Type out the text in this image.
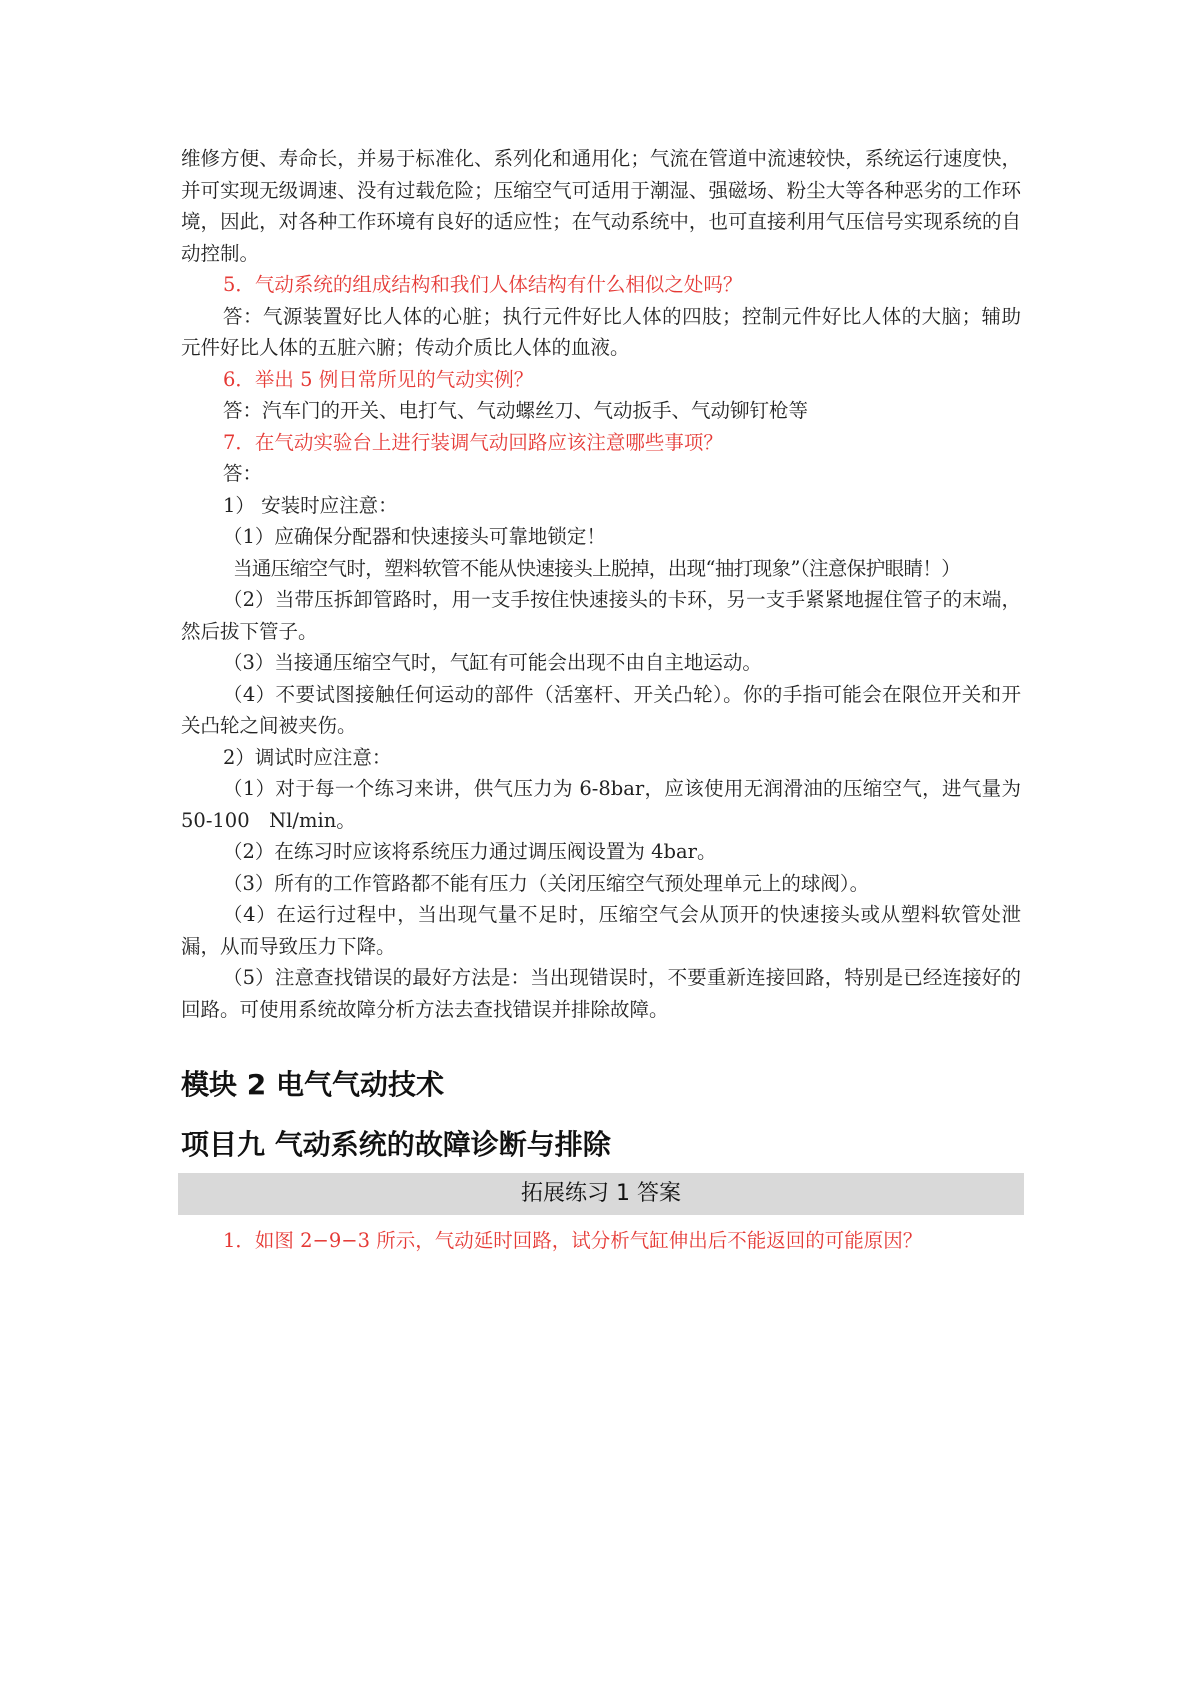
维修方便、寿命长，并易于标准化、系列化和通用化；气流在管道中流速较快，系统运行速度快，并可实现无级调速、没有过载危险；压缩空气可适用于潮湿、强磁场、粉尘大等各种恶劣的工作环境，因此，对各种工作环境有良好的适应性；在气动系统中，也可直接利用气压信号实现系统的自动控制。

5．气动系统的组成结构和我们人体结构有什么相似之处吗？

答：气源装置好比人体的心脏；执行元件好比人体的四肢；控制元件好比人体的大脑；辅助元件好比人体的五脏六腑；传动介质比人体的血液。

6．举出 5 例日常所见的气动实例？

答：汽车门的开关、电打气、气动螺丝刀、气动扳手、气动铆钉枪等

7．在气动实验台上进行装调气动回路应该注意哪些事项？

答：

1） 安装时应注意：

（1）应确保分配器和快速接头可靠地锁定！

当通压缩空气时，塑料软管不能从快速接头上脱掉，出现“抽打现象”（注意保护眼睛！）

（2）当带压拆卸管路时，用一支手按住快速接头的卡环，另一支手紧紧地握住管子的末端，然后拔下管子。

（3）当接通压缩空气时，气缸有可能会出现不由自主地运动。

（4）不要试图接触任何运动的部件（活塞杆、开关凸轮）。你的手指可能会在限位开关和开关凸轮之间被夹伤。

2）调试时应注意：

（1）对于每一个练习来讲，供气压力为 6-8bar，应该使用无润滑油的压缩空气，进气量为 50-100　Nl/min。

（2）在练习时应该将系统压力通过调压阀设置为 4bar。

（3）所有的工作管路都不能有压力（关闭压缩空气预处理单元上的球阀）。

（4）在运行过程中，当出现气量不足时，压缩空气会从顶开的快速接头或从塑料软管处泄漏，从而导致压力下降。

（5）注意查找错误的最好方法是：当出现错误时，不要重新连接回路，特别是已经连接好的回路。可使用系统故障分析方法去查找错误并排除故障。

模块 2 电气气动技术
项目九 气动系统的故障诊断与排除
拓展练习 1 答案

1．如图 2−9−3 所示，气动延时回路，试分析气缸伸出后不能返回的可能原因？
